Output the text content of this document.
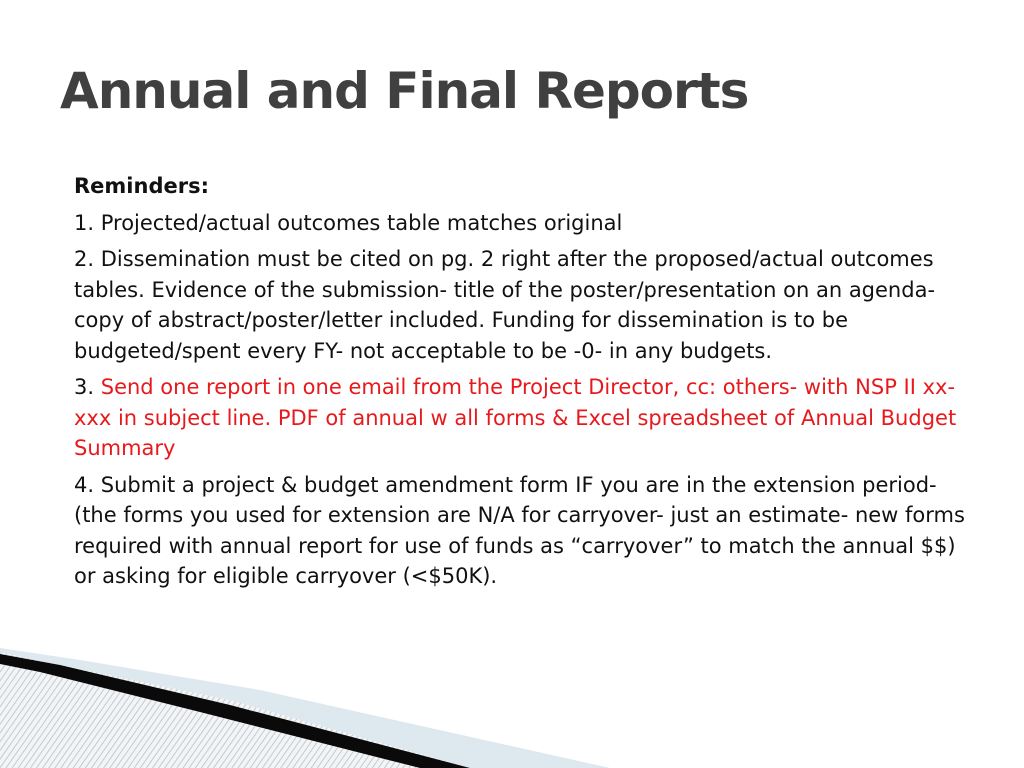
Annual and Final Reports

Reminders:

1. Projected/actual outcomes table matches original

2. Dissemination must be cited on pg. 2 right after the proposed/actual outcomes tables. Evidence of the submission- title of the poster/presentation on an agenda- copy of abstract/poster/letter included. Funding for dissemination is to be budgeted/spent every FY- not acceptable to be -0- in any budgets.

3. Send one report in one email from the Project Director, cc: others- with NSP II xx-xxx in subject line. PDF of annual w all forms & Excel spreadsheet of Annual Budget Summary

4. Submit a project & budget amendment form IF you are in the extension period-(the forms you used for extension are N/A for carryover- just an estimate- new forms required with annual report for use of funds as “carryover” to match the annual $$) or asking for eligible carryover (<$50K).
